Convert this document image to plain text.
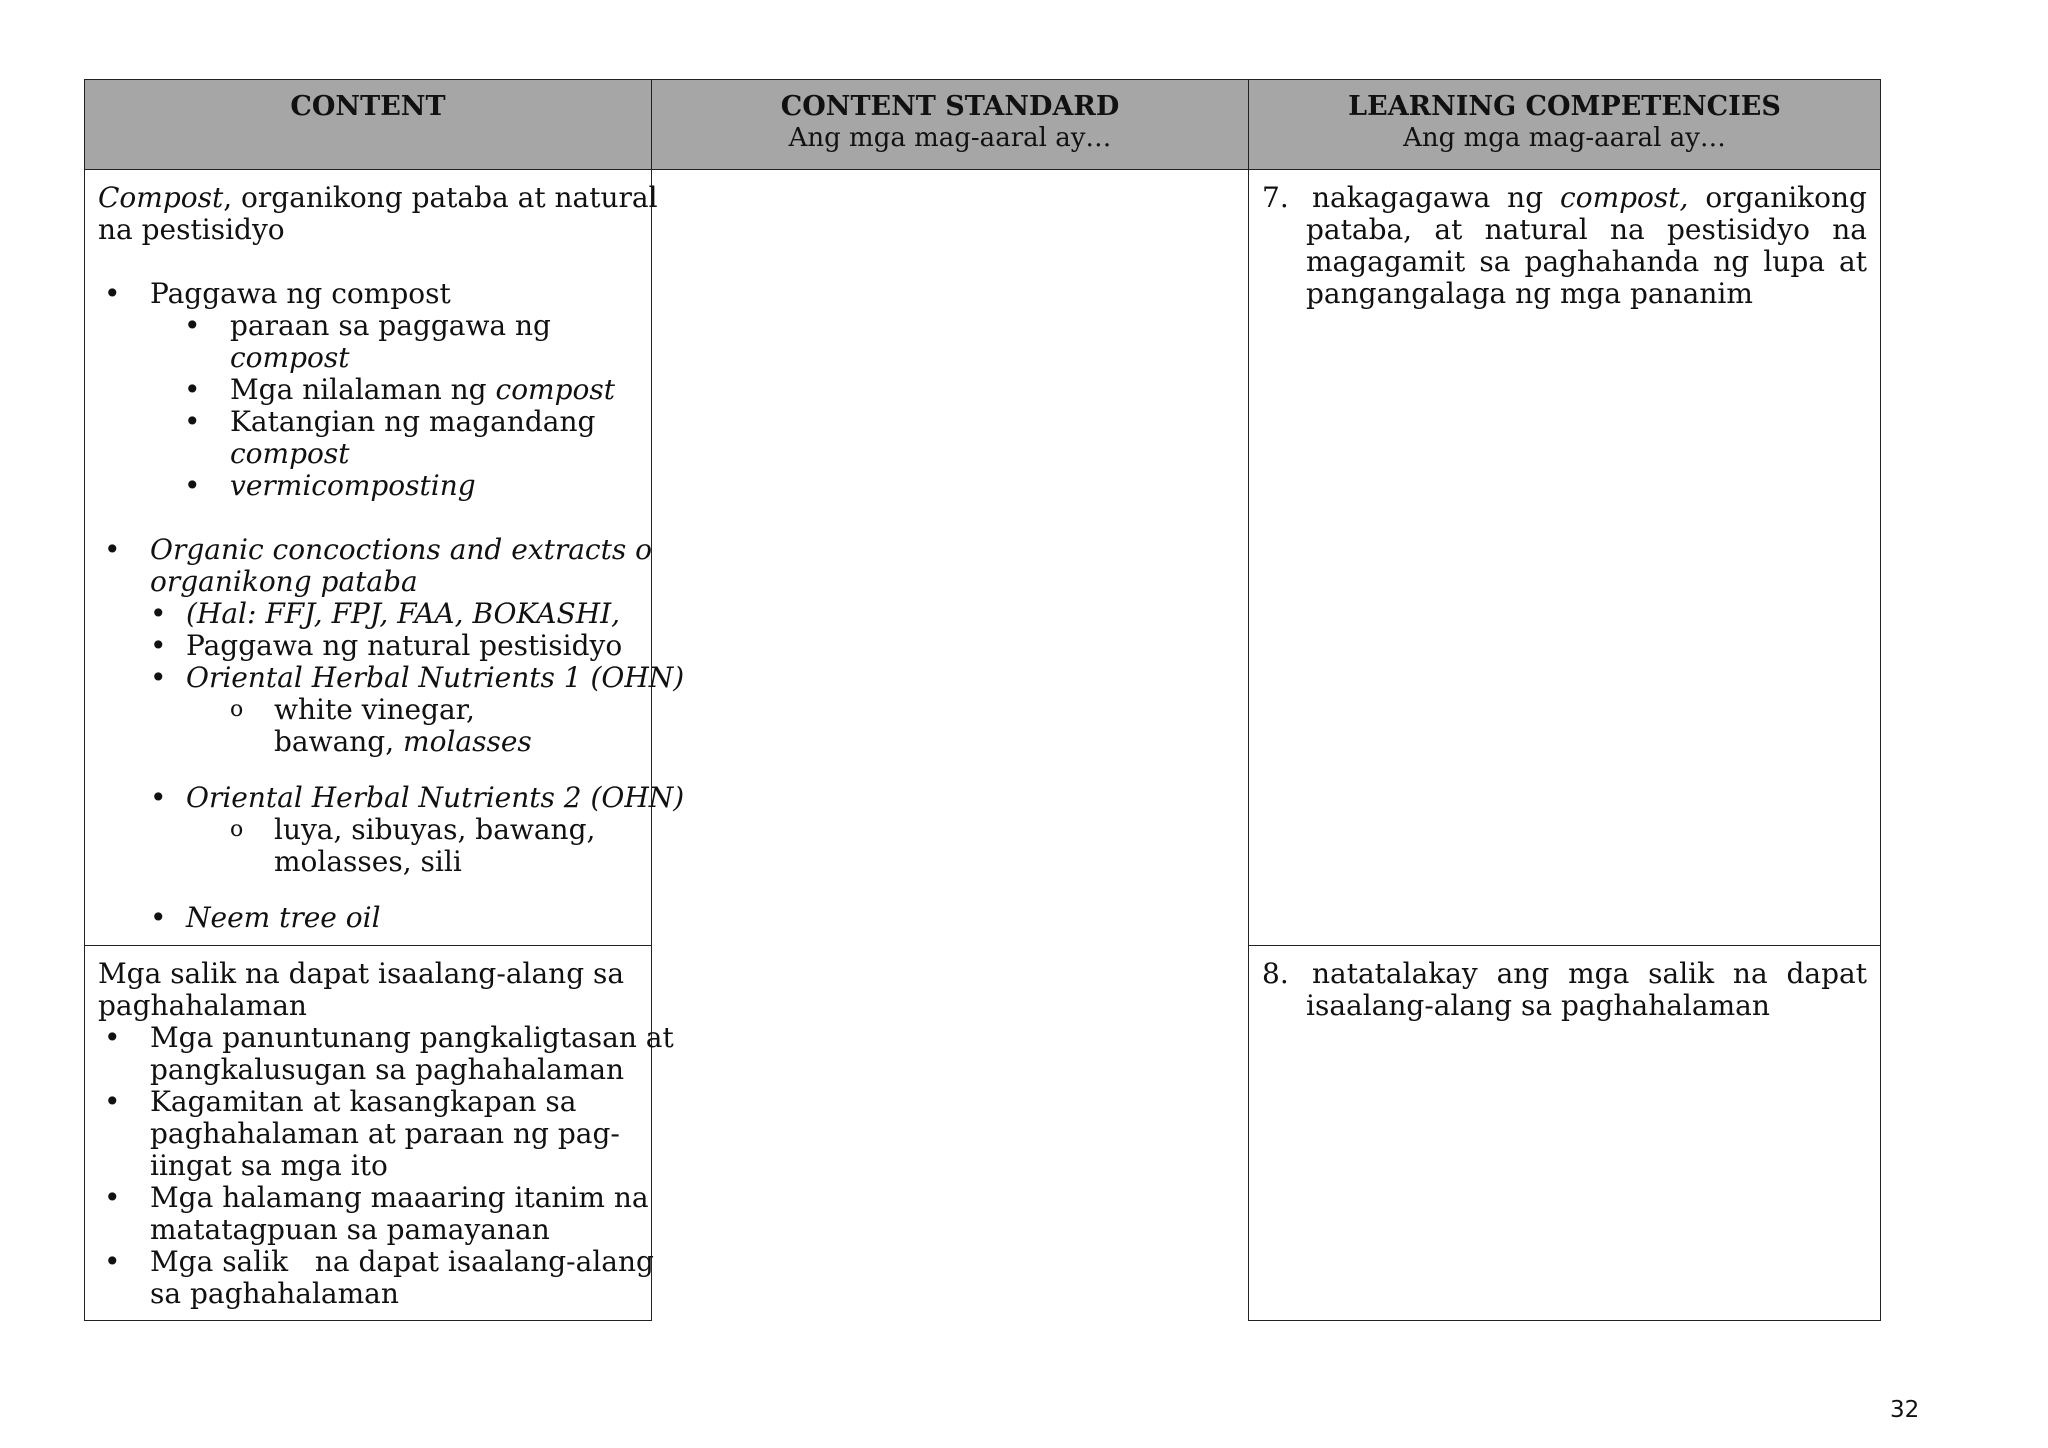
CONTENT	CONTENT STANDARD
Ang mga mag-aaral ay…
LEARNING COMPETENCIES
Ang mga mag-aaral ay…
Compost, organikong pataba at natural
na pestisidyo
• Paggawa ng compost
• paraan sa paggawa ng
compost
• Mga nilalaman ng compost
• Katangian ng magandang
compost
• vermicomposting
• Organic concoctions and extracts o
organikong pataba
• (Hal: FFJ, FPJ, FAA, BOKASHI,
• Paggawa ng natural pestisidyo
• Oriental Herbal Nutrients 1 (OHN)
o white vinegar,
bawang, molasses
• Oriental Herbal Nutrients 2 (OHN)
o luya, sibuyas, bawang,
molasses, sili
• Neem tree oil
7. nakagagawa ng compost, organikong
pataba, at natural na pestisidyo na
magagamit sa paghahanda ng lupa at
pangangalaga ng mga pananim
Mga salik na dapat isaalang-alang sa
paghahalaman
• Mga panuntunang pangkaligtasan at
pangkalusugan sa paghahalaman
• Kagamitan at kasangkapan sa
paghahalaman at paraan ng pag-
iingat sa mga ito
• Mga halamang maaaring itanim na
matatagpuan sa pamayanan
• Mga salik   na dapat isaalang-alang
sa paghahalaman
8. natatalakay ang mga salik na dapat
isaalang-alang sa paghahalaman
32
